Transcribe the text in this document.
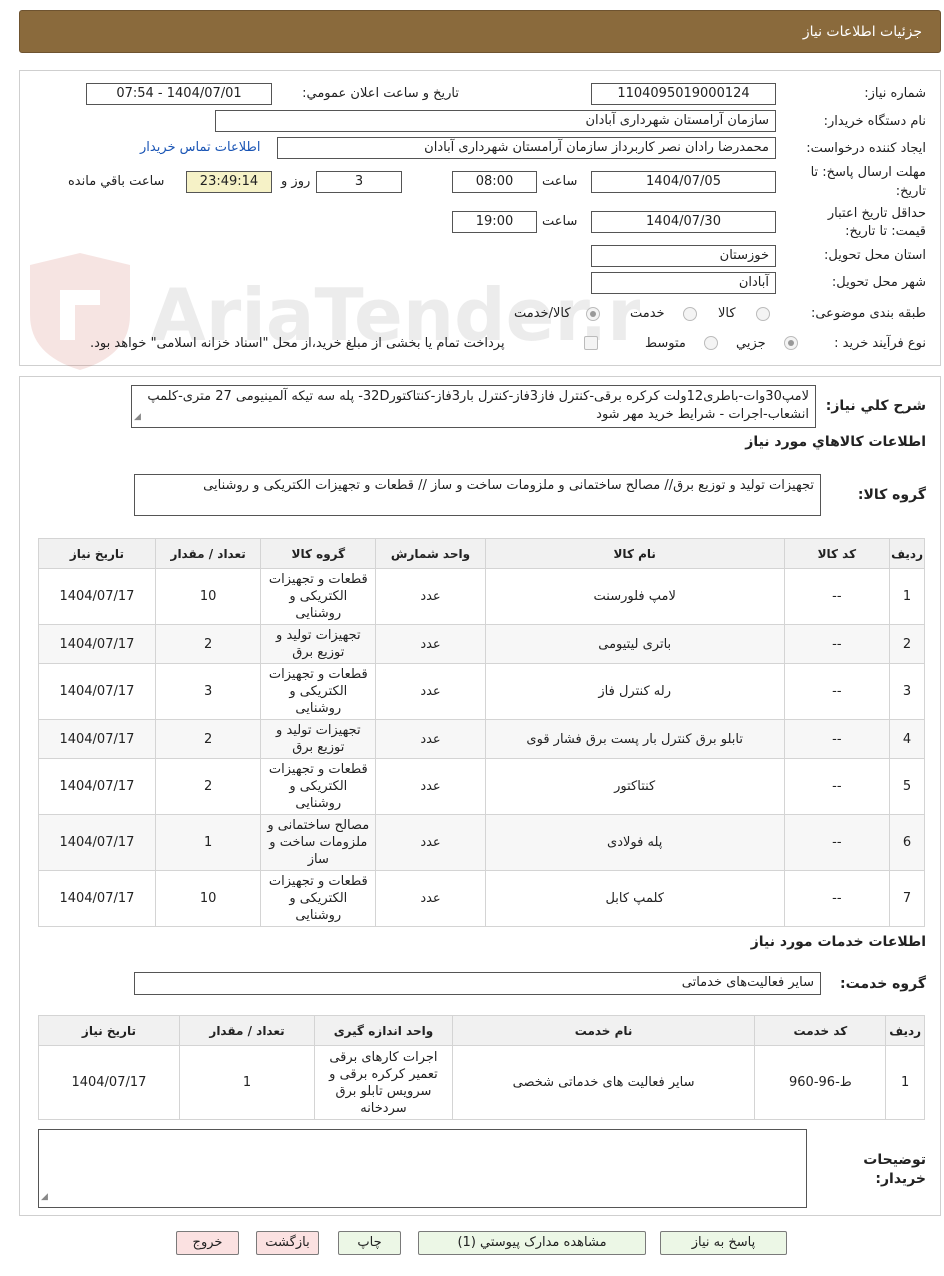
جزئیات اطلاعات نیاز
شماره نیاز:
1104095019000124
تاریخ و ساعت اعلان عمومي:
1404/07/01 - 07:54
نام دستگاه خریدار:
سازمان آرامستان شهرداری آبادان
ایجاد کننده درخواست:
محمدرضا رادان نصر کاربرداز سازمان آرامستان شهرداری آبادان
اطلاعات تماس خریدار
مهلت ارسال پاسخ: تا
تاریخ:
1404/07/05
ساعت
08:00
3
روز و
23:49:14
ساعت باقي مانده
حداقل تاریخ اعتبار
قیمت: تا تاریخ:
1404/07/30
ساعت
19:00
استان محل تحویل:
خوزستان
شهر محل تحویل:
آبادان
طبقه بندی موضوعی:
کالا
خدمت
کالا/خدمت
نوع فرآیند خرید :
جزيي
متوسط
پرداخت تمام یا بخشی از مبلغ خرید،از محل "اسناد خزانه اسلامی" خواهد بود.
شرح کلي نیاز:
لامپ30وات-باطری12ولت کرکره برقی-کنترل فاز3فاز-کنترل بار3فاز-کنتاکتور32D- پله سه تیکه آلمینیومی 27 متری-کلمپ انشعاب-اجرات - شرایط خرید مهر شود
◢
اطلاعات کالاهاي مورد نیاز
گروه کالا:
تجهیزات تولید و توزیع برق// مصالح ساختمانی و ملزومات ساخت و ساز // قطعات و تجهیزات الکتریکی و روشنایی
ردیف	کد کالا	نام کالا	واحد شمارش	گروه کالا	تعداد / مقدار	تاریخ نیاز
1	--	لامپ فلورسنت	عدد	قطعات و تجهیزات الکتریکی و روشنایی	10	1404/07/17
2	--	باتری لیتیومی	عدد	تجهیزات تولید و توزیع برق	2	1404/07/17
3	--	رله کنترل فاز	عدد	قطعات و تجهیزات الکتریکی و روشنایی	3	1404/07/17
4	--	تابلو برق کنترل بار پست برق فشار قوی	عدد	تجهیزات تولید و توزیع برق	2	1404/07/17
5	--	کنتاکتور	عدد	قطعات و تجهیزات الکتریکی و روشنایی	2	1404/07/17
6	--	پله فولادی	عدد	مصالح ساختمانی و ملزومات ساخت و ساز	1	1404/07/17
7	--	کلمپ کابل	عدد	قطعات و تجهیزات الکتریکی و روشنایی	10	1404/07/17
اطلاعات خدمات مورد نیاز
گروه خدمت:
سایر فعالیت‌های خدماتی
ردیف	کد خدمت	نام خدمت	واحد اندازه گیری	تعداد / مقدار	تاریخ نیاز
1	ط-96-960	سایر فعالیت های خدماتی شخصی	اجرات کارهای برقی تعمیر کرکره برقی و سرویس تابلو برق سردخانه	1	1404/07/17
توضیحات
خریدار:
◢
پاسخ به نیاز
مشاهده مدارک پیوستي (1)
چاپ
بازگشت
خروج
